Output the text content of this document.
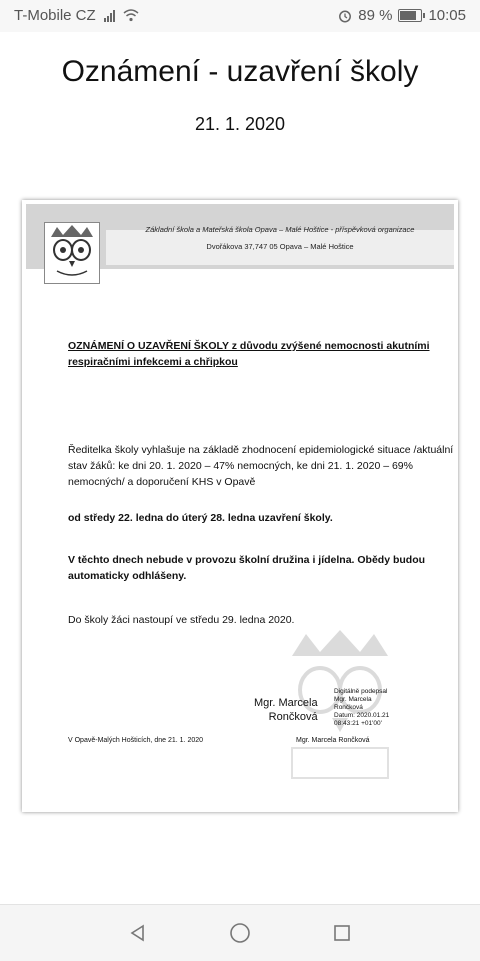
T-Mobile CZ	89 % 10:05
Oznámení - uzavření školy
21. 1. 2020
Základní škola a Mateřská škola Opava – Malé Hoštice - příspěvková organizace
Dvořákova 37,747 05 Opava – Malé Hoštice
OZNÁMENÍ O UZAVŘENÍ ŠKOLY z důvodu zvýšené nemocnosti akutními respiračními infekcemi a chřipkou
Ředitelka školy vyhlašuje na základě zhodnocení epidemiologické situace /aktuální stav žáků: ke dni 20. 1. 2020 – 47% nemocných, ke dni 21. 1. 2020 – 69% nemocných/ a doporučení KHS v Opavě
od středy 22. ledna do úterý 28. ledna uzavření školy.
V těchto dnech nebude v provozu školní družina i jídelna. Obědy budou automaticky odhlášeny.
Do školy žáci nastoupí ve středu 29. ledna 2020.
Mgr. Marcela
Rončková
Digitálně podepsal
Mgr. Marcela
Rončková
Datum: 2020.01.21
08:43:21 +01'00'
V Opavě-Malých Hošticích, dne 21. 1. 2020	Mgr. Marcela Rončková
